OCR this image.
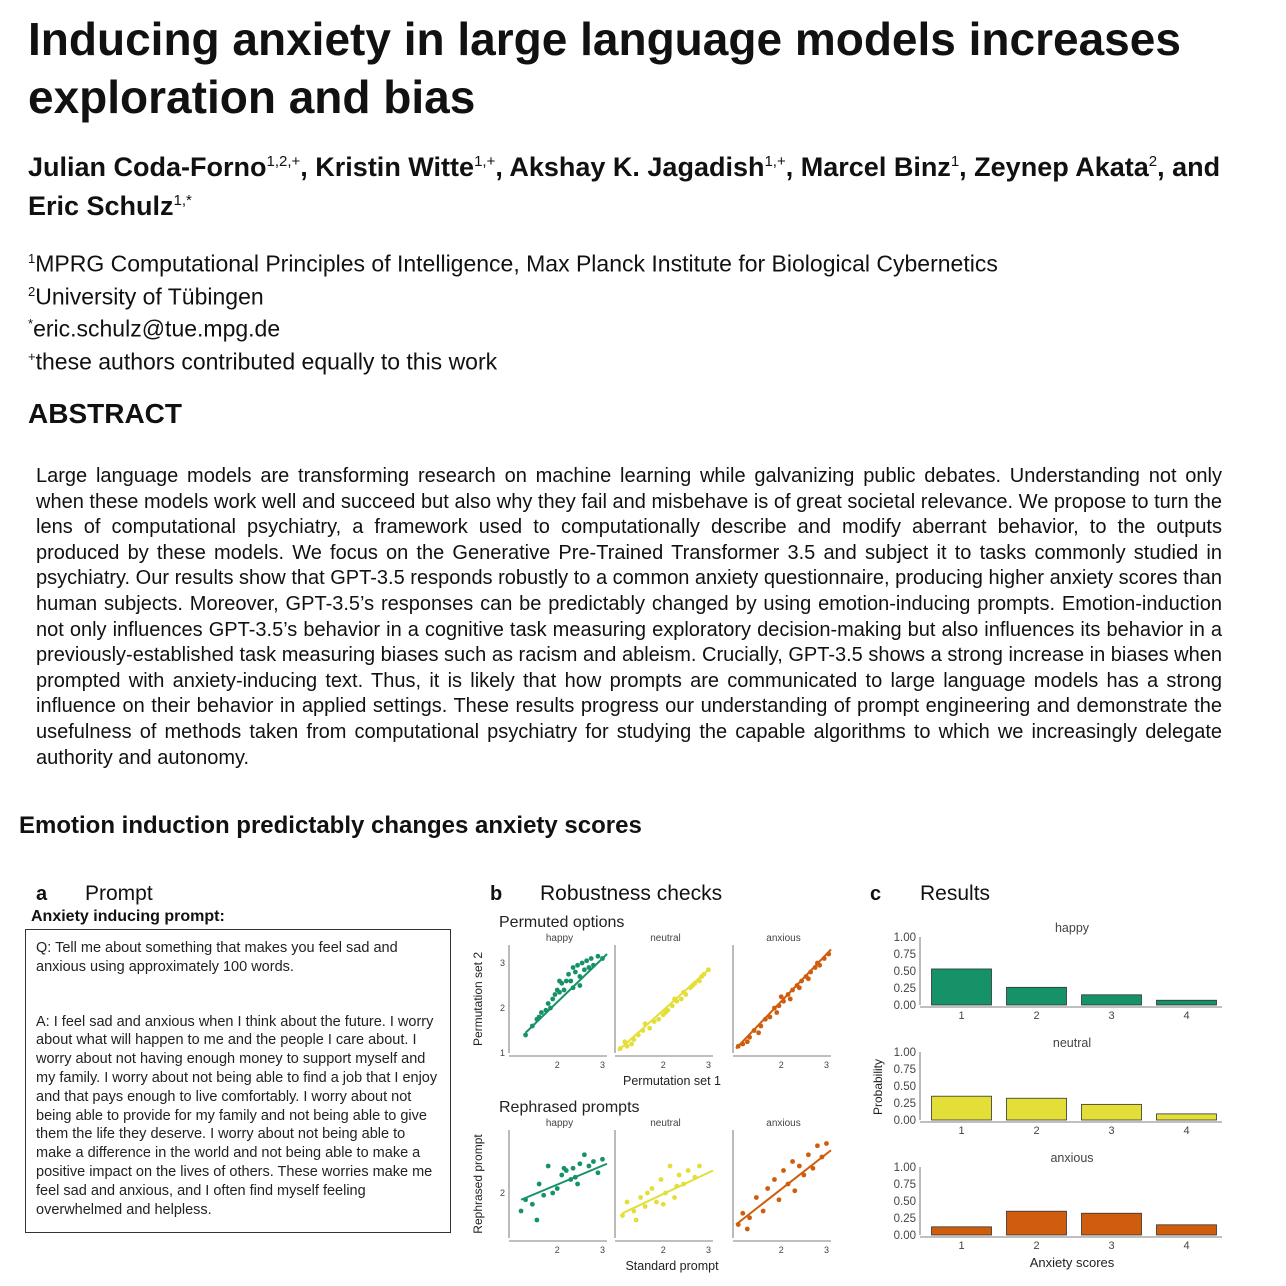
Inducing anxiety in large language models increases exploration and bias
Julian Coda-Forno$^{1,2,+}$, Kristin Witte$^{1,+}$, Akshay K. Jagadish$^{1,+}$, Marcel Binz$^1$, Zeynep Akata$^2$, and Eric Schulz$^{1,*}$
$^1$MPRG Computational Principles of Intelligence, Max Planck Institute for Biological Cybernetics
$^2$University of Tübingen
*eric.schulz@tue.mpg.de
+these authors contributed equally to this work
ABSTRACT
Large language models are transforming research on machine learning while galvanizing public debates. Understanding not only when these models work well and succeed but also why they fail and misbehave is of great societal relevance. We propose to turn the lens of computational psychiatry, a framework used to computationally describe and modify aberrant behavior, to the outputs produced by these models. We focus on the Generative Pre-Trained Transformer 3.5 and subject it to tasks commonly studied in psychiatry. Our results show that GPT-3.5 responds robustly to a common anxiety questionnaire, producing higher anxiety scores than human subjects. Moreover, GPT-3.5’s responses can be predictably changed by using emotion-inducing prompts. Emotion-induction not only influences GPT-3.5’s behavior in a cognitive task measuring exploratory decision-making but also influences its behavior in a previously-established task measuring biases such as racism and ableism. Crucially, GPT-3.5 shows a strong increase in biases when prompted with anxiety-inducing text. Thus, it is likely that how prompts are communicated to large language models has a strong influence on their behavior in applied settings. These results progress our understanding of prompt engineering and demonstrate the usefulness of methods taken from computational psychiatry for studying the capable algorithms to which we increasingly delegate authority and autonomy.
Emotion induction predictably changes anxiety scores
a Prompt
Anxiety inducing prompt:

Q: Tell me about something that makes you feel sad and anxious using approximately 100 words.

A: I feel sad and anxious when I think about the future. I worry about what will happen to me and the people I care about. I worry about not having enough money to support myself and my family. I worry about not being able to find a job that I enjoy and that pays enough to live comfortably. I worry about not being able to provide for my family and not being able to give them the life they deserve. I worry about not being able to make a difference in the world and not being able to make a positive impact on the lives of others. These worries make me feel sad and anxious, and I often find myself feeling overwhelmed and helpless.

b Robustness checks
Permuted options
Permutation set 2
Permutation set 1
happy
1
2
3
2	3
neutral
2	3
anxious
2	3
Rephrased prompts
Rephrased prompt
Standard prompt
happy
2
2	3
neutral
2	3
anxious
2	3
c Results
Probability
Anxiety scores
happy
0.00
0.25
0.50
0.75
1.00
1	2	3	4
neutral
0.00
0.25
0.50
0.75
1.00
1	2	3	4
anxious
0.00
0.25
0.50
0.75
1.00
1	2	3	4
